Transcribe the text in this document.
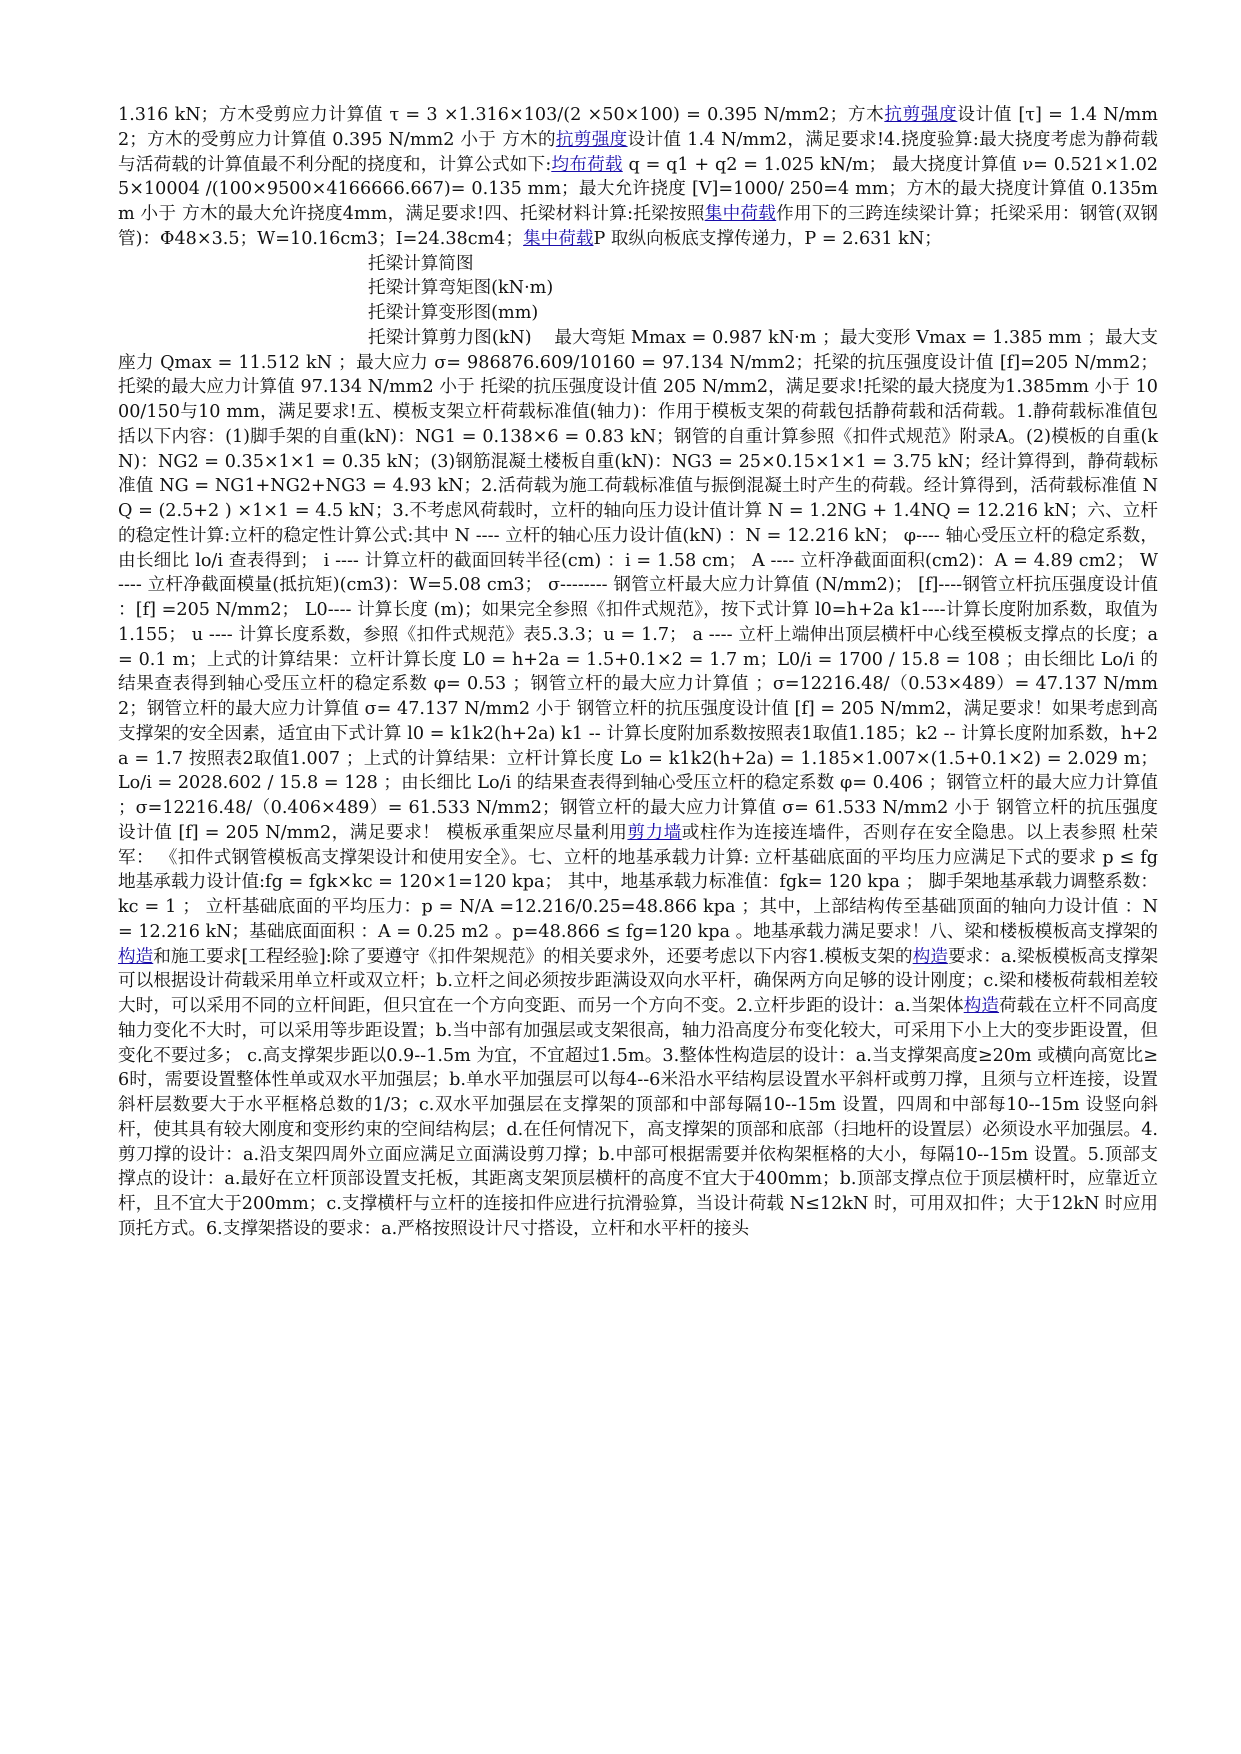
1.316 kN；方木受剪应力计算值 τ = 3 ×1.316×103/(2 ×50×100) = 0.395 N/mm2；方木抗剪强度设计值 [τ] = 1.4 N/mm2；方木的受剪应力计算值 0.395 N/mm2 小于 方木的抗剪强度设计值 1.4 N/mm2，满足要求!4.挠度验算:最大挠度考虑为静荷载与活荷载的计算值最不利分配的挠度和，计算公式如下:均布荷载 q = q1 + q2 = 1.025 kN/m； 最大挠度计算值 ν= 0.521×1.025×10004 /(100×9500×4166666.667)= 0.135 mm；最大允许挠度 [V]=1000/ 250=4 mm；方木的最大挠度计算值 0.135mm 小于 方木的最大允许挠度4mm，满足要求!四、托梁材料计算:托梁按照集中荷载作用下的三跨连续梁计算；托梁采用：钢管(双钢管)：Φ48×3.5；W=10.16cm3；I=24.38cm4；集中荷载P 取纵向板底支撑传递力，P = 2.631 kN；

托梁计算简图
托梁计算弯矩图(kN·m)
托梁计算变形图(mm)
托梁计算剪力图(kN) 最大弯矩 Mmax = 0.987 kN·m ；最大变形 Vmax = 1.385 mm ；最大支座力 Qmax = 11.512 kN ；最大应力 σ= 986876.609/10160 = 97.134 N/mm2；托梁的抗压强度设计值 [f]=205 N/mm2；托梁的最大应力计算值 97.134 N/mm2 小于 托梁的抗压强度设计值 205 N/mm2，满足要求!托梁的最大挠度为1.385mm 小于 1000/150与10 mm，满足要求!五、模板支架立杆荷载标准值(轴力)：作用于模板支架的荷载包括静荷载和活荷载。1.静荷载标准值包括以下内容：(1)脚手架的自重(kN)：NG1 = 0.138×6 = 0.83 kN；钢管的自重计算参照《扣件式规范》附录A。(2)模板的自重(kN)：NG2 = 0.35×1×1 = 0.35 kN；(3)钢筋混凝土楼板自重(kN)：NG3 = 25×0.15×1×1 = 3.75 kN；经计算得到，静荷载标准值 NG = NG1+NG2+NG3 = 4.93 kN；2.活荷载为施工荷载标准值与振倒混凝土时产生的荷载。经计算得到，活荷载标准值 NQ = (2.5+2 ) ×1×1 = 4.5 kN；3.不考虑风荷载时，立杆的轴向压力设计值计算 N = 1.2NG + 1.4NQ = 12.216 kN；六、立杆的稳定性计算:立杆的稳定性计算公式:其中 N ---- 立杆的轴心压力设计值(kN) ：N = 12.216 kN； φ---- 轴心受压立杆的稳定系数，由长细比 lo/i 查表得到； i ---- 计算立杆的截面回转半径(cm) ：i = 1.58 cm； A ---- 立杆净截面面积(cm2)：A = 4.89 cm2； W ---- 立杆净截面模量(抵抗矩)(cm3)：W=5.08 cm3； σ-------- 钢管立杆最大应力计算值 (N/mm2)； [f]----钢管立杆抗压强度设计值 ：[f] =205 N/mm2； L0---- 计算长度 (m)；如果完全参照《扣件式规范》，按下式计算 l0=h+2a k1----计算长度附加系数，取值为1.155； u ---- 计算长度系数，参照《扣件式规范》表5.3.3；u = 1.7； a ---- 立杆上端伸出顶层横杆中心线至模板支撑点的长度；a = 0.1 m；上式的计算结果：立杆计算长度 L0 = h+2a = 1.5+0.1×2 = 1.7 m；L0/i = 1700 / 15.8 = 108 ；由长细比 Lo/i 的结果查表得到轴心受压立杆的稳定系数 φ= 0.53 ；钢管立杆的最大应力计算值 ；σ=12216.48/（0.53×489）= 47.137 N/mm2；钢管立杆的最大应力计算值 σ= 47.137 N/mm2 小于 钢管立杆的抗压强度设计值 [f] = 205 N/mm2，满足要求！如果考虑到高支撑架的安全因素，适宜由下式计算 l0 = k1k2(h+2a) k1 -- 计算长度附加系数按照表1取值1.185；k2 -- 计算长度附加系数，h+2a = 1.7 按照表2取值1.007 ；上式的计算结果：立杆计算长度 Lo = k1k2(h+2a) = 1.185×1.007×(1.5+0.1×2) = 2.029 m；Lo/i = 2028.602 / 15.8 = 128 ；由长细比 Lo/i 的结果查表得到轴心受压立杆的稳定系数 φ= 0.406 ；钢管立杆的最大应力计算值 ；σ=12216.48/（0.406×489）= 61.533 N/mm2；钢管立杆的最大应力计算值 σ= 61.533 N/mm2 小于 钢管立杆的抗压强度设计值 [f] = 205 N/mm2，满足要求！ 模板承重架应尽量利用剪力墙或柱作为连接连墙件，否则存在安全隐患。以上表参照 杜荣军： 《扣件式钢管模板高支撑架设计和使用安全》。七、立杆的地基承载力计算: 立杆基础底面的平均压力应满足下式的要求 p ≤ fg 地基承载力设计值:fg = fgk×kc = 120×1=120 kpa； 其中，地基承载力标准值：fgk= 120 kpa ； 脚手架地基承载力调整系数：kc = 1 ； 立杆基础底面的平均压力：p = N/A =12.216/0.25=48.866 kpa ；其中，上部结构传至基础顶面的轴向力设计值 ：N = 12.216 kN；基础底面面积 ：A = 0.25 m2 。p=48.866 ≤ fg=120 kpa 。地基承载力满足要求！八、梁和楼板模板高支撑架的构造和施工要求[工程经验]:除了要遵守《扣件架规范》的相关要求外，还要考虑以下内容1.模板支架的构造要求：a.梁板模板高支撑架可以根据设计荷载采用单立杆或双立杆；b.立杆之间必须按步距满设双向水平杆，确保两方向足够的设计刚度；c.梁和楼板荷载相差较大时，可以采用不同的立杆间距，但只宜在一个方向变距、而另一个方向不变。2.立杆步距的设计：a.当架体构造荷载在立杆不同高度轴力变化不大时，可以采用等步距设置；b.当中部有加强层或支架很高，轴力沿高度分布变化较大，可采用下小上大的变步距设置，但变化不要过多； c.高支撑架步距以0.9--1.5m 为宜，不宜超过1.5m。3.整体性构造层的设计：a.当支撑架高度≥20m 或横向高宽比≥6时，需要设置整体性单或双水平加强层；b.单水平加强层可以每4--6米沿水平结构层设置水平斜杆或剪刀撑，且须与立杆连接，设置斜杆层数要大于水平框格总数的1/3；c.双水平加强层在支撑架的顶部和中部每隔10--15m 设置，四周和中部每10--15m 设竖向斜杆，使其具有较大刚度和变形约束的空间结构层；d.在任何情况下，高支撑架的顶部和底部（扫地杆的设置层）必须设水平加强层。4.剪刀撑的设计：a.沿支架四周外立面应满足立面满设剪刀撑；b.中部可根据需要并依构架框格的大小，每隔10--15m 设置。5.顶部支撑点的设计：a.最好在立杆顶部设置支托板，其距离支架顶层横杆的高度不宜大于400mm；b.顶部支撑点位于顶层横杆时，应靠近立杆，且不宜大于200mm；c.支撑横杆与立杆的连接扣件应进行抗滑验算，当设计荷载 N≤12kN 时，可用双扣件；大于12kN 时应用顶托方式。6.支撑架搭设的要求：a.严格按照设计尺寸搭设，立杆和水平杆的接头
